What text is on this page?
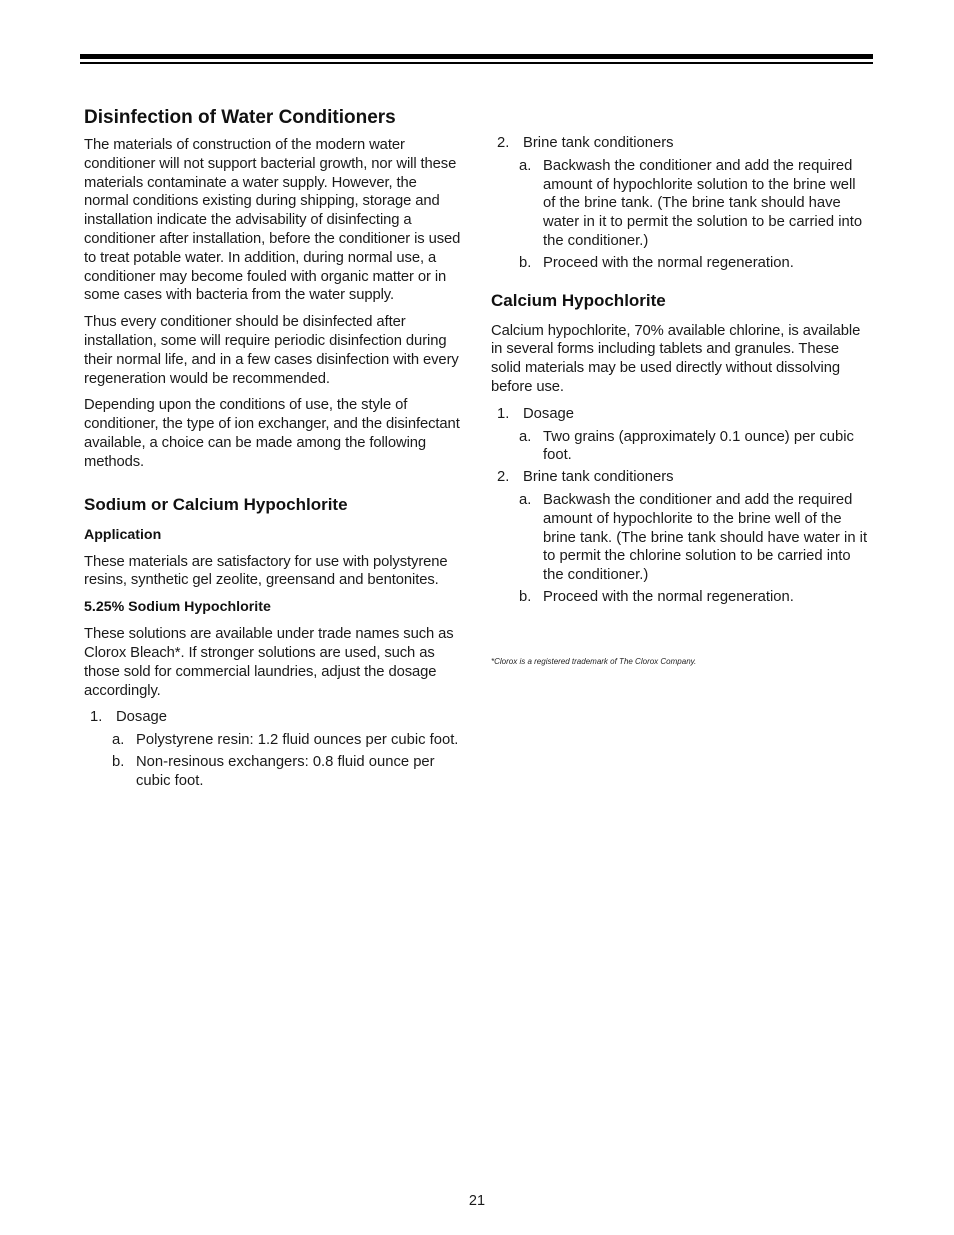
Disinfection of Water Conditioners

The materials of construction of the modern water conditioner will not support bacterial growth, nor will these materials contaminate a water supply. However, the normal conditions existing during shipping, storage and installation indicate the advisability of disinfecting a conditioner after installation, before the conditioner is used to treat potable water. In addition, during normal use, a conditioner may become fouled with organic matter or in some cases with bacteria from the water supply.

Thus every conditioner should be disinfected after installation, some will require periodic disinfection during their normal life, and in a few cases disinfection with every regeneration would be recommended.

Depending upon the conditions of use, the style of conditioner, the type of ion exchanger, and the disinfectant available, a choice can be made among the following methods.

Sodium or Calcium Hypochlorite
Application

These materials are satisfactory for use with polystyrene resins, synthetic gel zeolite, greensand and bentonites.

5.25% Sodium Hypochlorite

These solutions are available under trade names such as Clorox Bleach*. If stronger solutions are used, such as those sold for commercial laundries, adjust the dosage accordingly.

1. Dosage
a. Polystyrene resin: 1.2 fluid ounces per cubic foot.
b. Non-resinous exchangers: 0.8 fluid ounce per cubic foot.
2. Brine tank conditioners
a. Backwash the conditioner and add the required amount of hypochlorite solution to the brine well of the brine tank. (The brine tank should have water in it to permit the solution to be carried into the conditioner.)
b. Proceed with the normal regeneration.
Calcium Hypochlorite

Calcium hypochlorite, 70% available chlorine, is available in several forms including tablets and granules. These solid materials may be used directly without dissolving before use.

1. Dosage
a. Two grains (approximately 0.1 ounce) per cubic foot.
2. Brine tank conditioners
a. Backwash the conditioner and add the required amount of hypochlorite to the brine well of the brine tank. (The brine tank should have water in it to permit the chlorine solution to be carried into the conditioner.)
b. Proceed with the normal regeneration.
*Clorox is a registered trademark of The Clorox Company.
21
